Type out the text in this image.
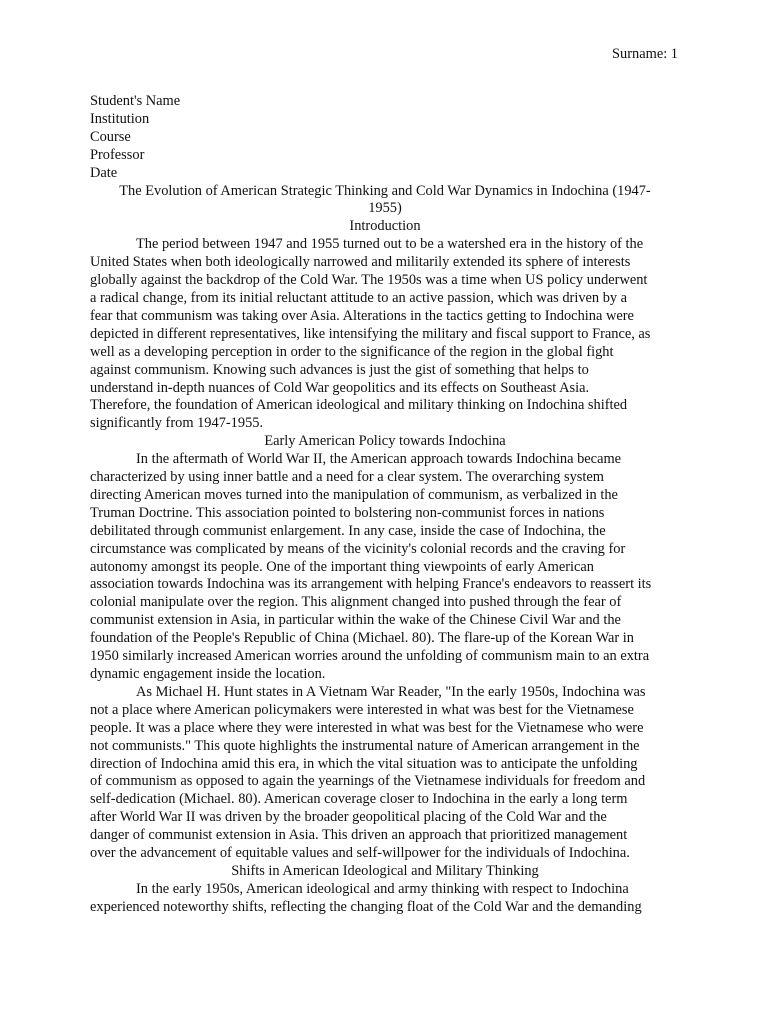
Surname: 1
Student's Name
Institution
Course
Professor
Date
The Evolution of American Strategic Thinking and Cold War Dynamics in Indochina (1947-
1955)
Introduction

The period between 1947 and 1955 turned out to be a watershed era in the history of the
United States when both ideologically narrowed and militarily extended its sphere of interests
globally against the backdrop of the Cold War. The 1950s was a time when US policy underwent
a radical change, from its initial reluctant attitude to an active passion, which was driven by a
fear that communism was taking over Asia. Alterations in the tactics getting to Indochina were
depicted in different representatives, like intensifying the military and fiscal support to France, as
well as a developing perception in order to the significance of the region in the global fight
against communism. Knowing such advances is just the gist of something that helps to
understand in-depth nuances of Cold War geopolitics and its effects on Southeast Asia.
Therefore, the foundation of American ideological and military thinking on Indochina shifted
significantly from 1947-1955.

Early American Policy towards Indochina

In the aftermath of World War II, the American approach towards Indochina became
characterized by using inner battle and a need for a clear system. The overarching system
directing American moves turned into the manipulation of communism, as verbalized in the
Truman Doctrine. This association pointed to bolstering non-communist forces in nations
debilitated through communist enlargement. In any case, inside the case of Indochina, the
circumstance was complicated by means of the vicinity's colonial records and the craving for
autonomy amongst its people. One of the important thing viewpoints of early American
association towards Indochina was its arrangement with helping France's endeavors to reassert its
colonial manipulate over the region. This alignment changed into pushed through the fear of
communist extension in Asia, in particular within the wake of the Chinese Civil War and the
foundation of the People's Republic of China (Michael. 80). The flare-up of the Korean War in
1950 similarly increased American worries around the unfolding of communism main to an extra
dynamic engagement inside the location.

As Michael H. Hunt states in A Vietnam War Reader, "In the early 1950s, Indochina was
not a place where American policymakers were interested in what was best for the Vietnamese
people. It was a place where they were interested in what was best for the Vietnamese who were
not communists." This quote highlights the instrumental nature of American arrangement in the
direction of Indochina amid this era, in which the vital situation was to anticipate the unfolding
of communism as opposed to again the yearnings of the Vietnamese individuals for freedom and
self-dedication (Michael. 80). American coverage closer to Indochina in the early a long term
after World War II was driven by the broader geopolitical placing of the Cold War and the
danger of communist extension in Asia. This driven an approach that prioritized management
over the advancement of equitable values and self-willpower for the individuals of Indochina.

Shifts in American Ideological and Military Thinking

In the early 1950s, American ideological and army thinking with respect to Indochina
experienced noteworthy shifts, reflecting the changing float of the Cold War and the demanding
